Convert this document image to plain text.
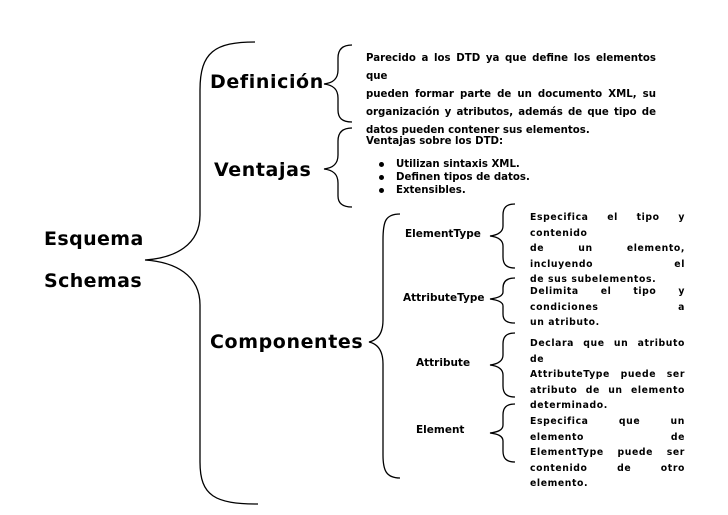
Esquema
Schemas
Definición
Parecido a los DTD ya que define los elementos que
pueden formar parte de un documento XML, su
organización y atributos, además de que tipo de
datos pueden contener sus elementos.
Ventajas
Ventajas sobre los DTD:
Utilizan sintaxis XML.
Definen tipos de datos.
Extensibles.
Componentes
ElementType
Especifica el tipo y contenido
de un elemento, incluyendo el
de sus subelementos.
AttributeType
Delimita el tipo y condiciones a
un atributo.
Attribute
Declara que un atributo de
AttributeType puede ser
atributo de un elemento
determinado.
Element
Especifica que un elemento de
ElementType puede ser
contenido de otro elemento.
